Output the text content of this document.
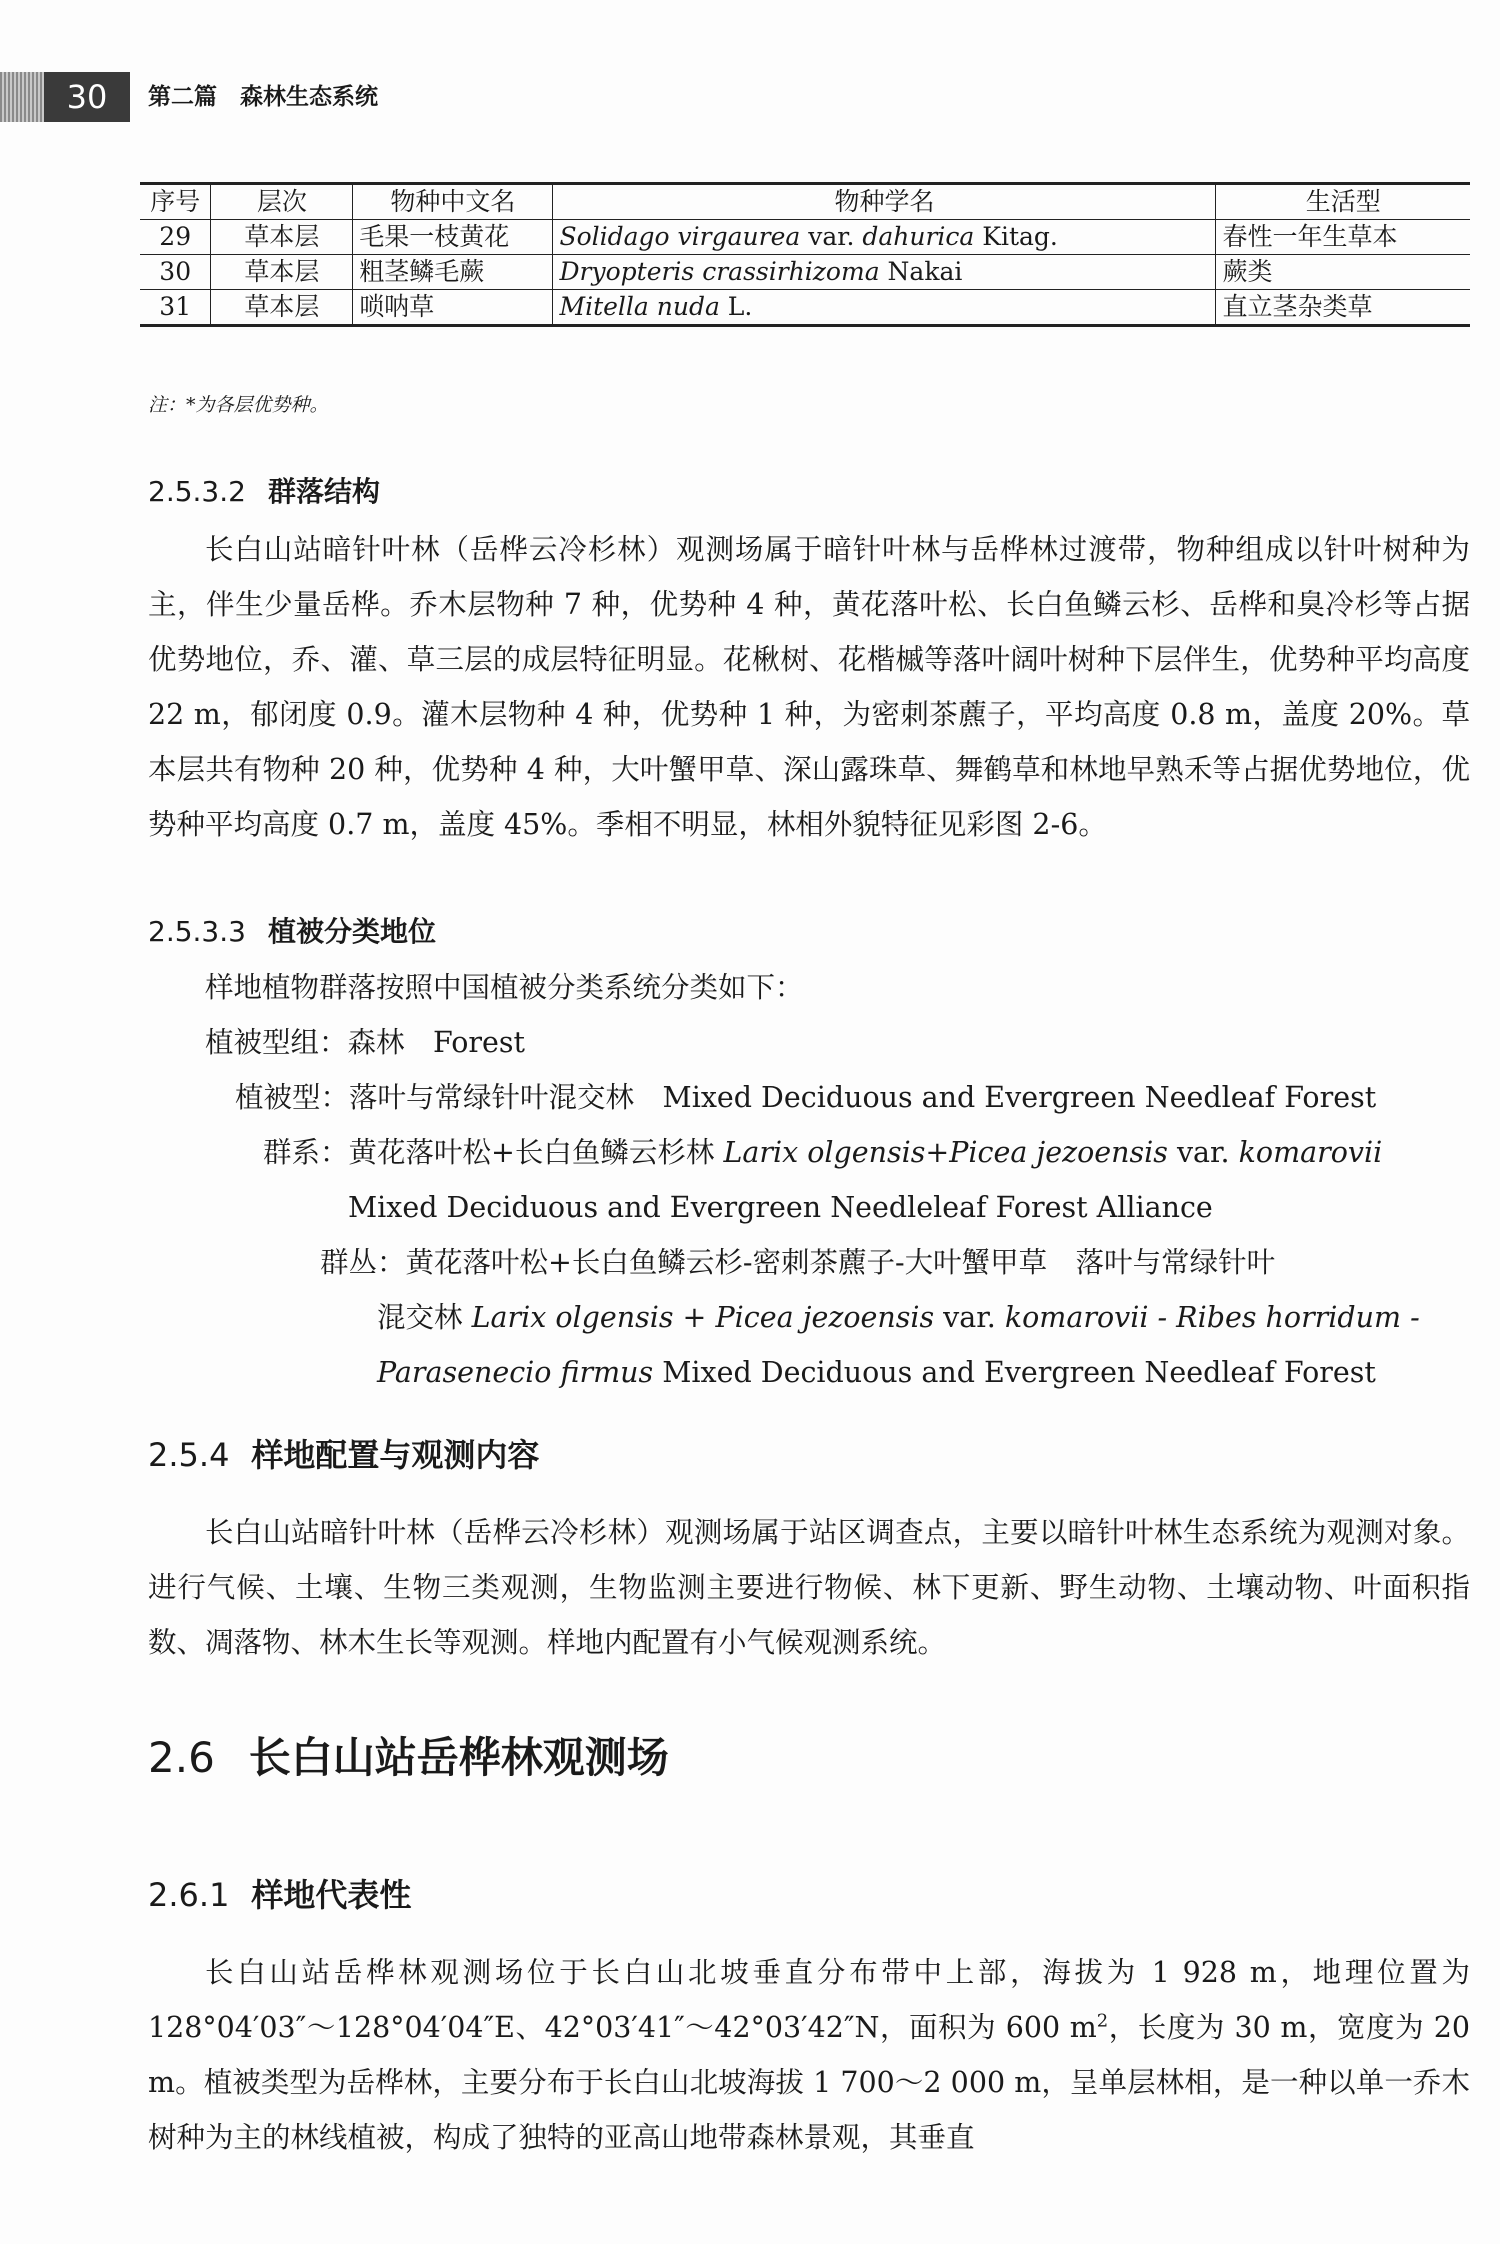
30	第二篇　森林生态系统
序号	层次	物种中文名	物种学名	生活型
29	草本层	毛果一枝黄花	Solidago virgaurea var. dahurica Kitag.	春性一年生草本
30	草本层	粗茎鳞毛蕨	Dryopteris crassirhizoma Nakai	蕨类
31	草本层	唢呐草	Mitella nuda L.	直立茎杂类草
注：*为各层优势种。
2.5.3.2 群落结构

长白山站暗针叶林（岳桦云冷杉林）观测场属于暗针叶林与岳桦林过渡带，物种组成以针叶树种为主，伴生少量岳桦。乔木层物种 7 种，优势种 4 种，黄花落叶松、长白鱼鳞云杉、岳桦和臭冷杉等占据优势地位，乔、灌、草三层的成层特征明显。花楸树、花楷槭等落叶阔叶树种下层伴生，优势种平均高度 22 m，郁闭度 0.9。灌木层物种 4 种，优势种 1 种，为密刺茶藨子，平均高度 0.8 m，盖度 20%。草本层共有物种 20 种，优势种 4 种，大叶蟹甲草、深山露珠草、舞鹤草和林地早熟禾等占据优势地位，优势种平均高度 0.7 m，盖度 45%。季相不明显，林相外貌特征见彩图 2-6。

2.5.3.3 植被分类地位
样地植物群落按照中国植被分类系统分类如下：
植被型组：森林　Forest
植被型：落叶与常绿针叶混交林　Mixed Deciduous and Evergreen Needleaf Forest
群系：黄花落叶松+长白鱼鳞云杉林 Larix olgensis+Picea jezoensis var. komarovii
Mixed Deciduous and Evergreen Needleleaf Forest Alliance
群丛：黄花落叶松+长白鱼鳞云杉-密刺茶藨子-大叶蟹甲草　落叶与常绿针叶
混交林 Larix olgensis + Picea jezoensis var. komarovii - Ribes horridum -
Parasenecio firmus Mixed Deciduous and Evergreen Needleaf Forest
2.5.4 样地配置与观测内容

长白山站暗针叶林（岳桦云冷杉林）观测场属于站区调查点，主要以暗针叶林生态系统为观测对象。进行气候、土壤、生物三类观测，生物监测主要进行物候、林下更新、野生动物、土壤动物、叶面积指数、凋落物、林木生长等观测。样地内配置有小气候观测系统。

2.6 长白山站岳桦林观测场
2.6.1 样地代表性

长白山站岳桦林观测场位于长白山北坡垂直分布带中上部，海拔为 1 928 m，地理位置为 128°04′03″～128°04′04″E、42°03′41″～42°03′42″N，面积为 600 $m^2$，长度为 30 m，宽度为 20 m。植被类型为岳桦林，主要分布于长白山北坡海拔 1 700～2 000 m，呈单层林相，是一种以单一乔木树种为主的林线植被，构成了独特的亚高山地带森林景观，其垂直
